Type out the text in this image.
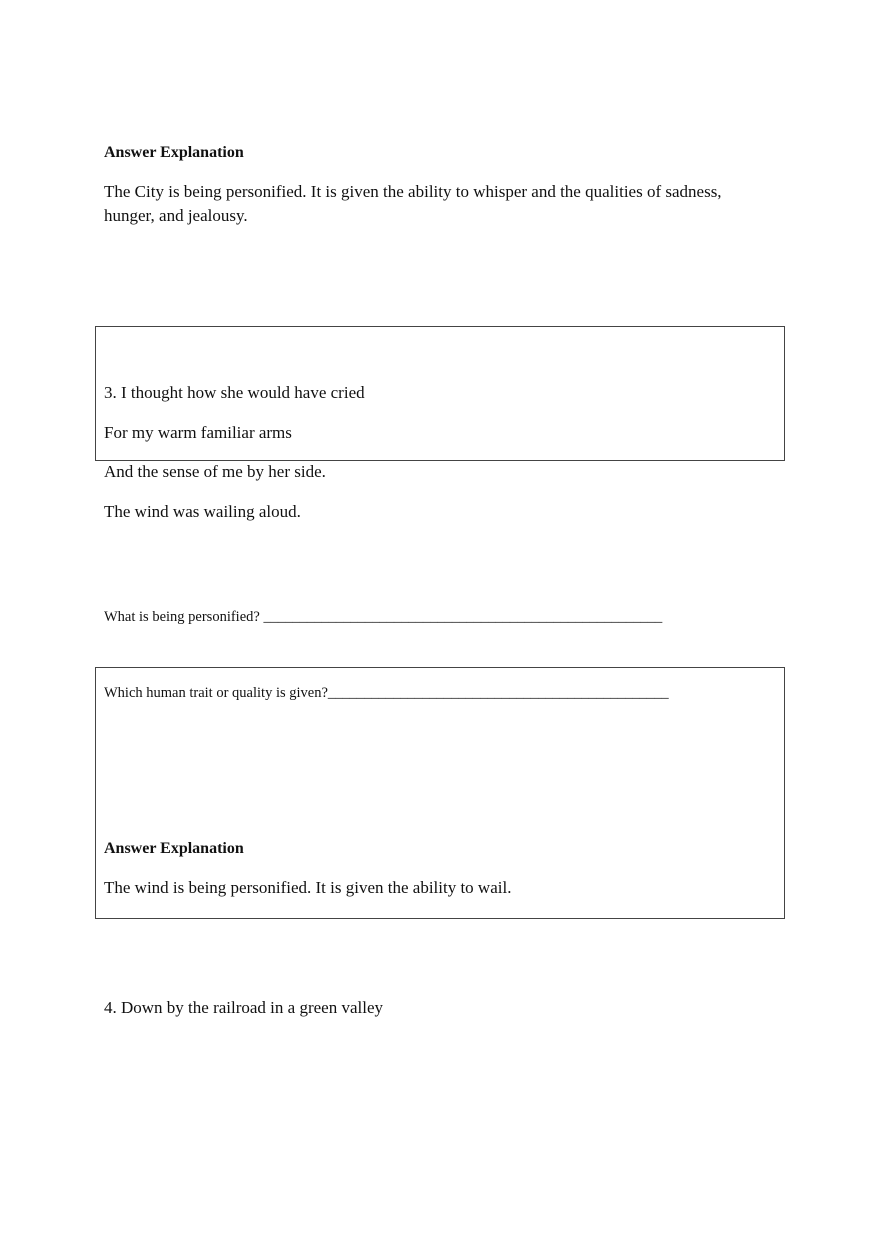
Answer Explanation
The City is being personified. It is given the ability to whisper and the qualities of sadness, hunger, and jealousy.
3. I thought how she would have cried
For my warm familiar arms
And the sense of me by her side.
The wind was wailing aloud.
What is being personified? _______________________________________________________
Which human trait or quality is given?_______________________________________________
Answer Explanation
The wind is being personified. It is given the ability to wail.
4. Down by the railroad in a green valley
